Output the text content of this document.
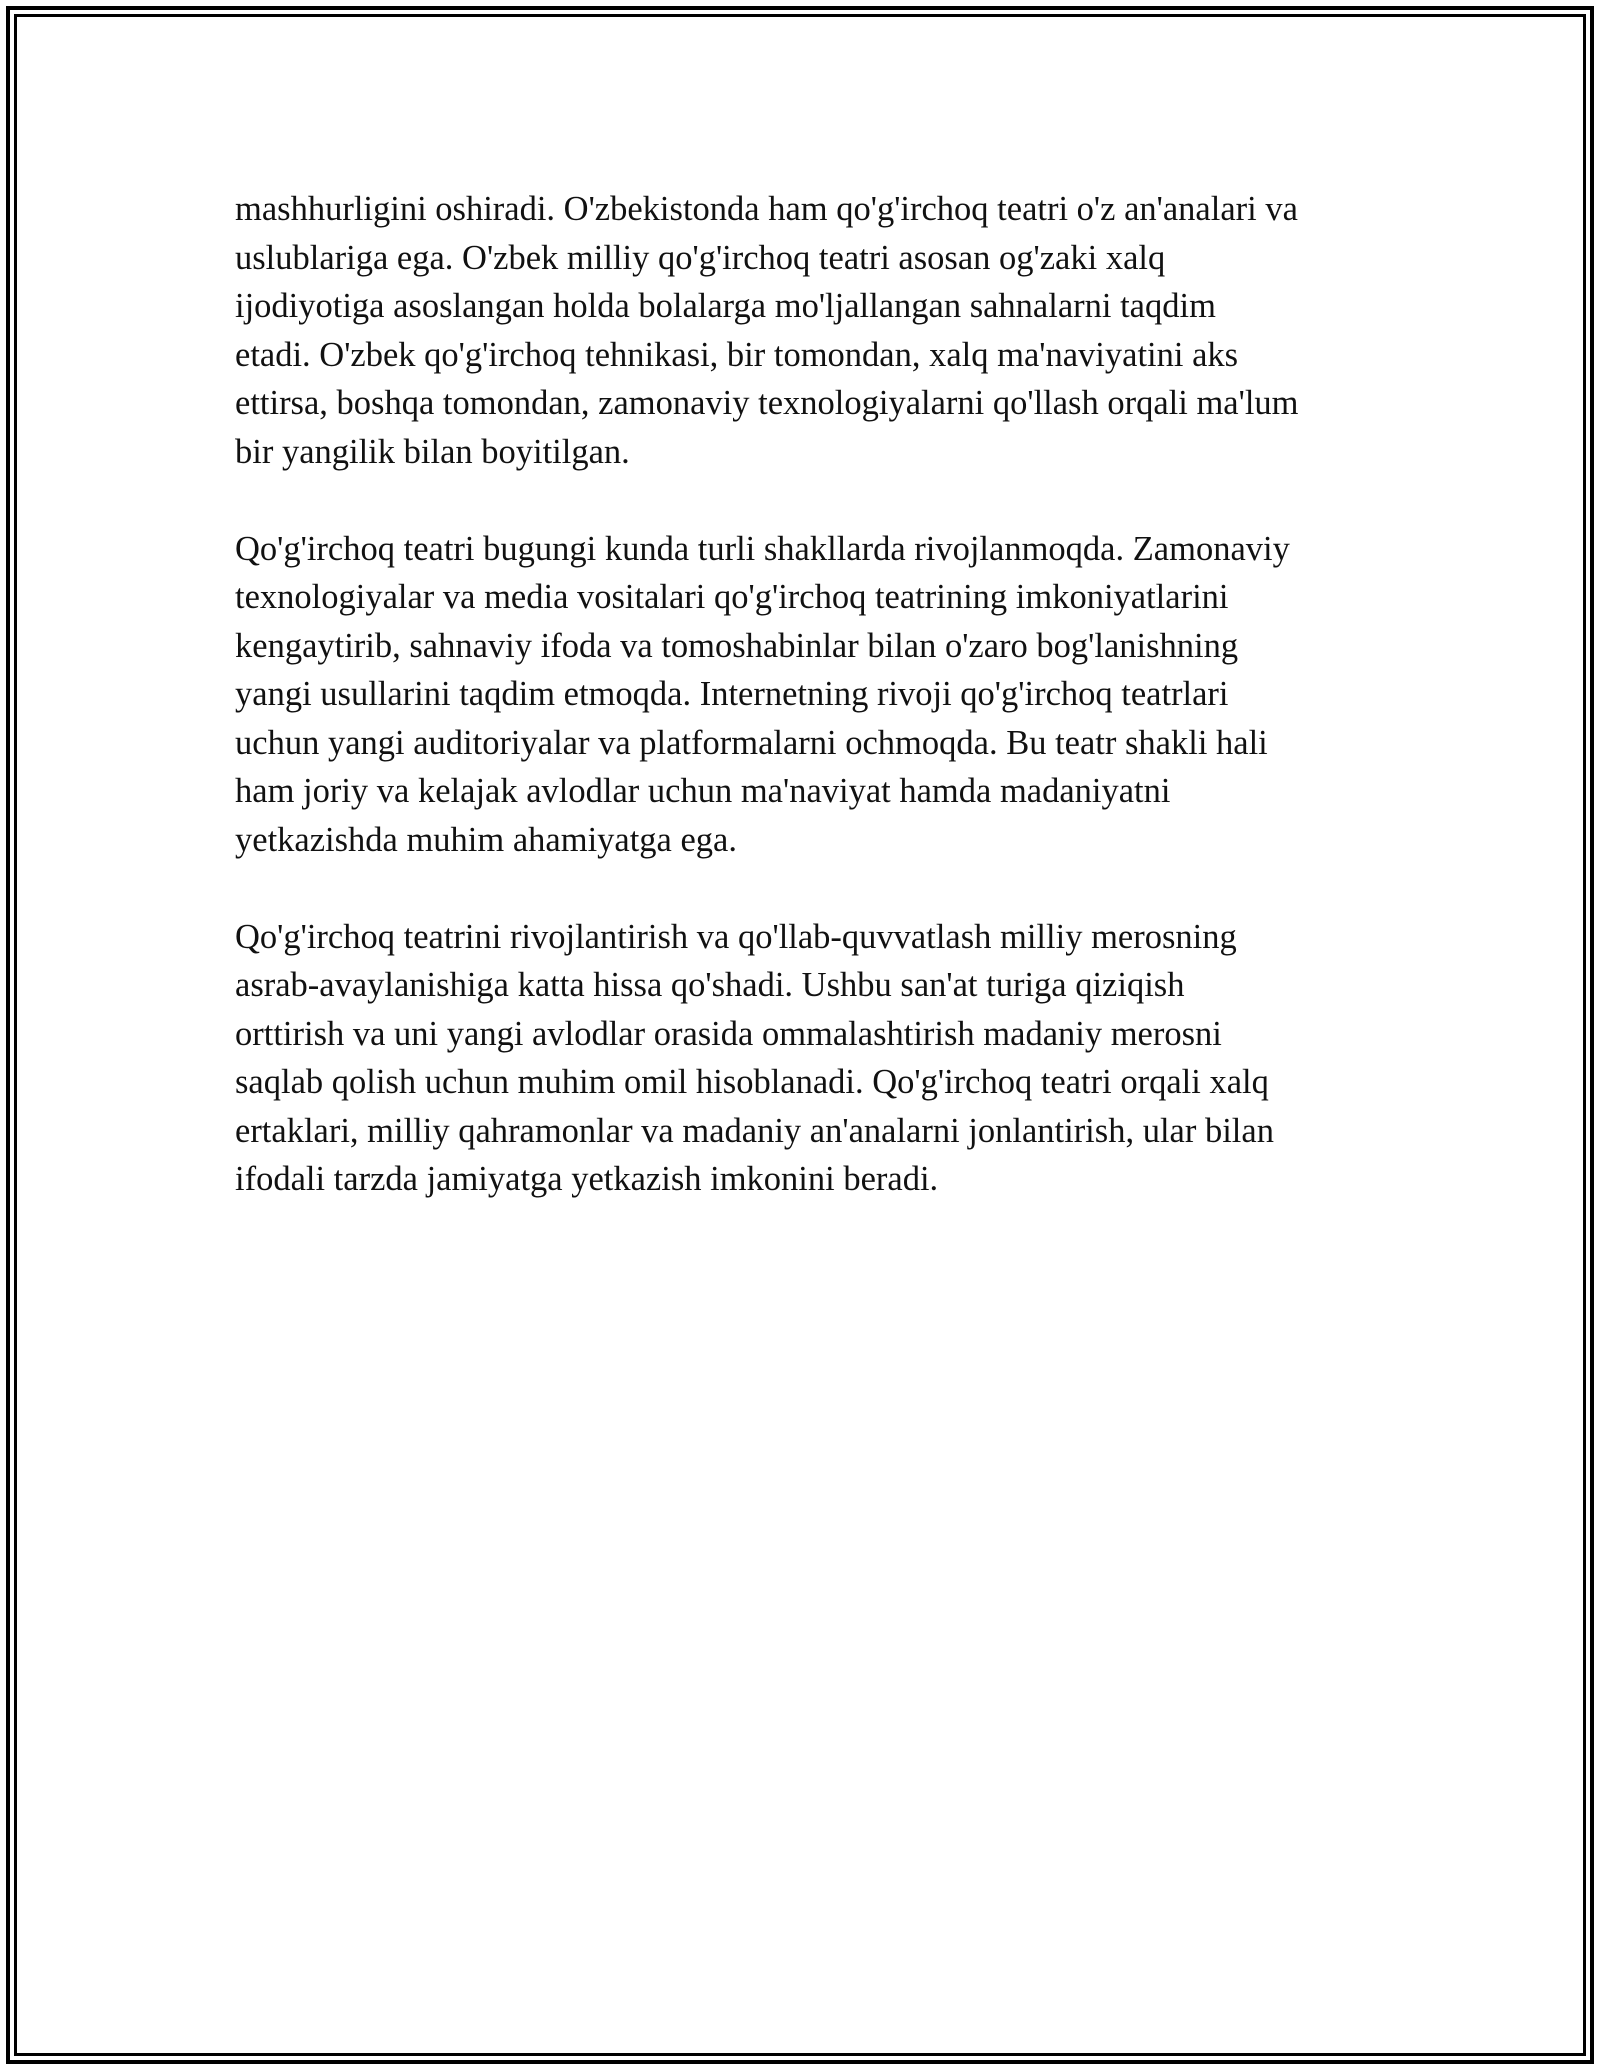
mashhurligini oshiradi. O'zbekistonda ham qo'g'irchoq teatri o'z an'analari va
uslublariga ega. O'zbek milliy qo'g'irchoq teatri asosan og'zaki xalq
ijodiyotiga asoslangan holda bolalarga mo'ljallangan sahnalarni taqdim
etadi. O'zbek qo'g'irchoq tehnikasi, bir tomondan, xalq ma'naviyatini aks
ettirsa, boshqa tomondan, zamonaviy texnologiyalarni qo'llash orqali ma'lum
bir yangilik bilan boyitilgan.

Qo'g'irchoq teatri bugungi kunda turli shakllarda rivojlanmoqda. Zamonaviy
texnologiyalar va media vositalari qo'g'irchoq teatrining imkoniyatlarini
kengaytirib, sahnaviy ifoda va tomoshabinlar bilan o'zaro bog'lanishning
yangi usullarini taqdim etmoqda. Internetning rivoji qo'g'irchoq teatrlari
uchun yangi auditoriyalar va platformalarni ochmoqda. Bu teatr shakli hali
ham joriy va kelajak avlodlar uchun ma'naviyat hamda madaniyatni
yetkazishda muhim ahamiyatga ega.

Qo'g'irchoq teatrini rivojlantirish va qo'llab-quvvatlash milliy merosning
asrab-avaylanishiga katta hissa qo'shadi. Ushbu san'at turiga qiziqish
orttirish va uni yangi avlodlar orasida ommalashtirish madaniy merosni
saqlab qolish uchun muhim omil hisoblanadi. Qo'g'irchoq teatri orqali xalq
ertaklari, milliy qahramonlar va madaniy an'analarni jonlantirish, ular bilan
ifodali tarzda jamiyatga yetkazish imkonini beradi.
